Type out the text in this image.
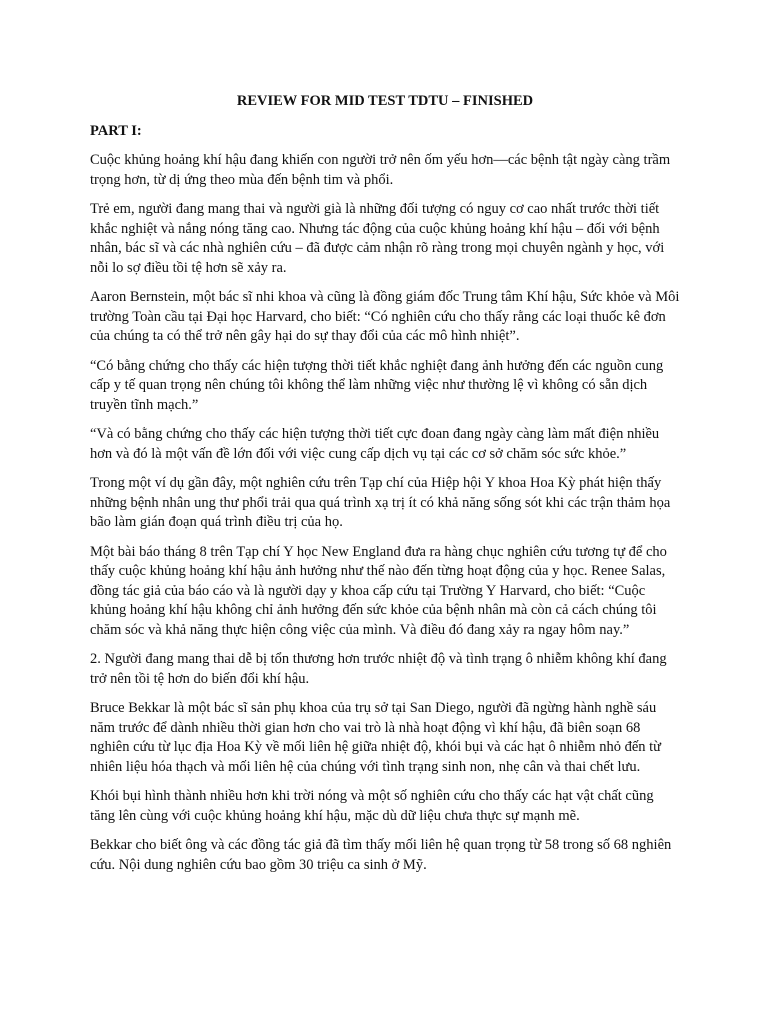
REVIEW FOR MID TEST TDTU – FINISHED
PART I:

Cuộc khủng hoảng khí hậu đang khiến con người trở nên ốm yếu hơn—các bệnh tật ngày càng trầm trọng hơn, từ dị ứng theo mùa đến bệnh tim và phổi.

Trẻ em, người đang mang thai và người già là những đối tượng có nguy cơ cao nhất trước thời tiết khắc nghiệt và nắng nóng tăng cao. Nhưng tác động của cuộc khủng hoảng khí hậu – đối với bệnh nhân, bác sĩ và các nhà nghiên cứu – đã được cảm nhận rõ ràng trong mọi chuyên ngành y học, với nỗi lo sợ điều tồi tệ hơn sẽ xảy ra.

Aaron Bernstein, một bác sĩ nhi khoa và cũng là đồng giám đốc Trung tâm Khí hậu, Sức khỏe và Môi trường Toàn cầu tại Đại học Harvard, cho biết: “Có nghiên cứu cho thấy rằng các loại thuốc kê đơn của chúng ta có thể trở nên gây hại do sự thay đổi của các mô hình nhiệt”.

“Có bằng chứng cho thấy các hiện tượng thời tiết khắc nghiệt đang ảnh hưởng đến các nguồn cung cấp y tế quan trọng nên chúng tôi không thể làm những việc như thường lệ vì không có sẵn dịch truyền tĩnh mạch.”

“Và có bằng chứng cho thấy các hiện tượng thời tiết cực đoan đang ngày càng làm mất điện nhiều hơn và đó là một vấn đề lớn đối với việc cung cấp dịch vụ tại các cơ sở chăm sóc sức khỏe.”

Trong một ví dụ gần đây, một nghiên cứu trên Tạp chí của Hiệp hội Y khoa Hoa Kỳ phát hiện thấy những bệnh nhân ung thư phổi trải qua quá trình xạ trị ít có khả năng sống sót khi các trận thảm họa bão làm gián đoạn quá trình điều trị của họ.

Một bài báo tháng 8 trên Tạp chí Y học New England đưa ra hàng chục nghiên cứu tương tự để cho thấy cuộc khủng hoảng khí hậu ảnh hưởng như thế nào đến từng hoạt động của y học. Renee Salas, đồng tác giả của báo cáo và là người dạy y khoa cấp cứu tại Trường Y Harvard, cho biết: “Cuộc khủng hoảng khí hậu không chỉ ảnh hưởng đến sức khỏe của bệnh nhân mà còn cả cách chúng tôi chăm sóc và khả năng thực hiện công việc của mình. Và điều đó đang xảy ra ngay hôm nay.”

2. Người đang mang thai dễ bị tổn thương hơn trước nhiệt độ và tình trạng ô nhiễm không khí đang trở nên tồi tệ hơn do biến đổi khí hậu.

Bruce Bekkar là một bác sĩ sản phụ khoa của trụ sở tại San Diego, người đã ngừng hành nghề sáu năm trước để dành nhiều thời gian hơn cho vai trò là nhà hoạt động vì khí hậu, đã biên soạn 68 nghiên cứu từ lục địa Hoa Kỳ về mối liên hệ giữa nhiệt độ, khói bụi và các hạt ô nhiễm nhỏ đến từ nhiên liệu hóa thạch và mối liên hệ của chúng với tình trạng sinh non, nhẹ cân và thai chết lưu.

Khói bụi hình thành nhiều hơn khi trời nóng và một số nghiên cứu cho thấy các hạt vật chất cũng tăng lên cùng với cuộc khủng hoảng khí hậu, mặc dù dữ liệu chưa thực sự mạnh mẽ.

Bekkar cho biết ông và các đồng tác giả đã tìm thấy mối liên hệ quan trọng từ 58 trong số 68 nghiên cứu. Nội dung nghiên cứu bao gồm 30 triệu ca sinh ở Mỹ.
